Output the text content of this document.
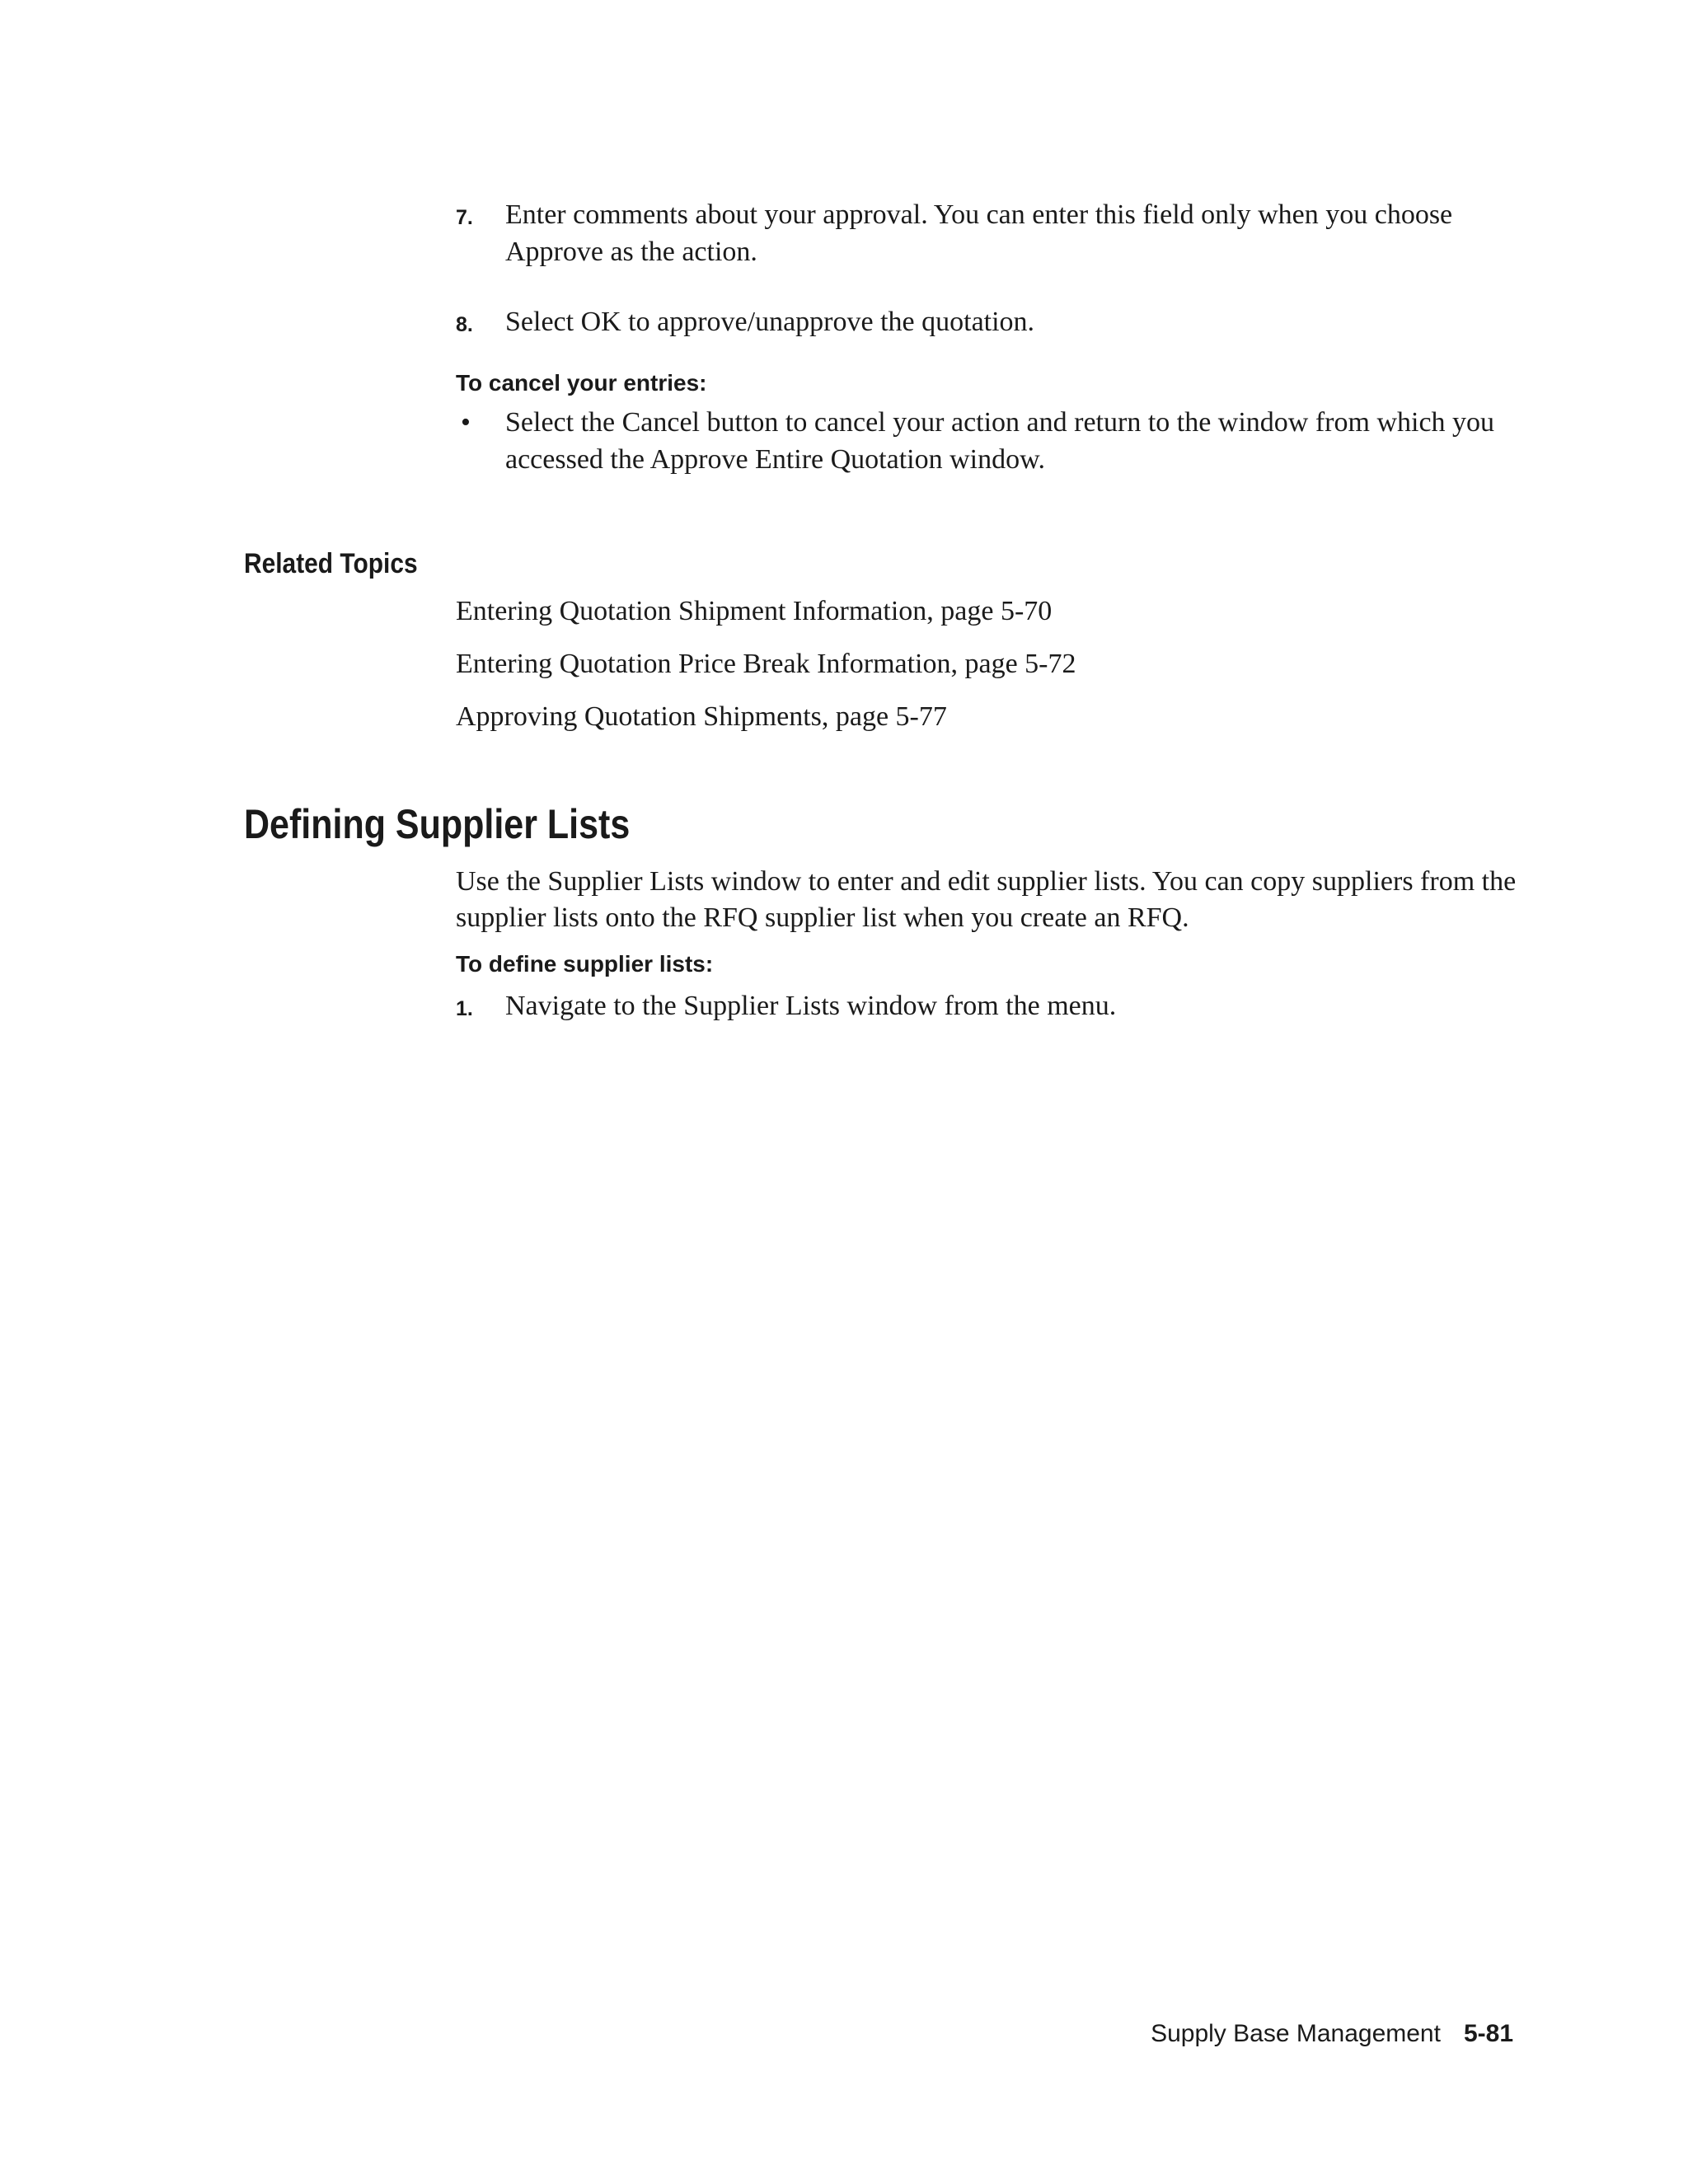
7. Enter comments about your approval. You can enter this field only when you choose Approve as the action.
8. Select OK to approve/unapprove the quotation.
To cancel your entries:
• Select the Cancel button to cancel your action and return to the window from which you accessed the Approve Entire Quotation window.
Related Topics
Entering Quotation Shipment Information, page 5-70
Entering Quotation Price Break Information, page 5-72
Approving Quotation Shipments, page 5-77
Defining Supplier Lists
Use the Supplier Lists window to enter and edit supplier lists. You can copy suppliers from the supplier lists onto the RFQ supplier list when you create an RFQ.
To define supplier lists:
1. Navigate to the Supplier Lists window from the menu.
Supply Base Management 5-81
